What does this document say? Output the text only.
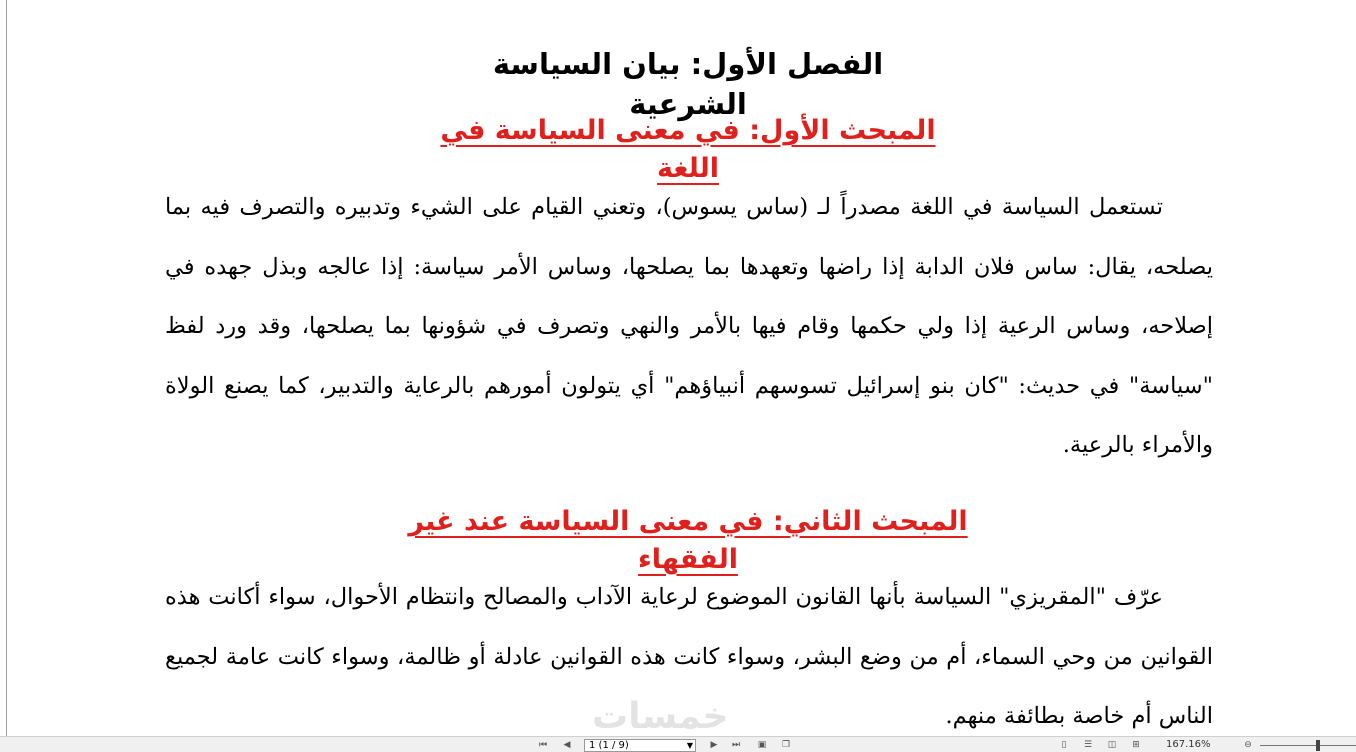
الفصل الأول: بيان السياسة الشرعية
المبحث الأول: في معنى السياسة في اللغة

تستعمل السياسة في اللغة مصدراً لـ (ساس يسوس)، وتعني القيام على الشيء وتدبيره والتصرف فيه بما يصلحه، يقال: ساس فلان الدابة إذا راضها وتعهدها بما يصلحها، وساس الأمر سياسة: إذا عالجه وبذل جهده في إصلاحه، وساس الرعية إذا ولي حكمها وقام فيها بالأمر والنهي وتصرف في شؤونها بما يصلحها، وقد ورد لفظ "سياسة" في حديث: "كان بنو إسرائيل تسوسهم أنبياؤهم" أي يتولون أمورهم بالرعاية والتدبير، كما يصنع الولاة والأمراء بالرعية.

المبحث الثاني: في معنى السياسة عند غير الفقهاء

عرّف "المقريزي" السياسة بأنها القانون الموضوع لرعاية الآداب والمصالح وانتظام الأحوال، سواء أكانت هذه القوانين من وحي السماء، أم من وضع البشر، وسواء كانت هذه القوانين عادلة أو ظالمة، وسواء كانت عامة لجميع الناس أم خاصة بطائفة منهم.

خمسات
⏮ ◀	1 (1 / 9)	▼ ▶ ⏭ ▣ ❐	▯	☰ ◫ ⊞	167.16%	⊖
